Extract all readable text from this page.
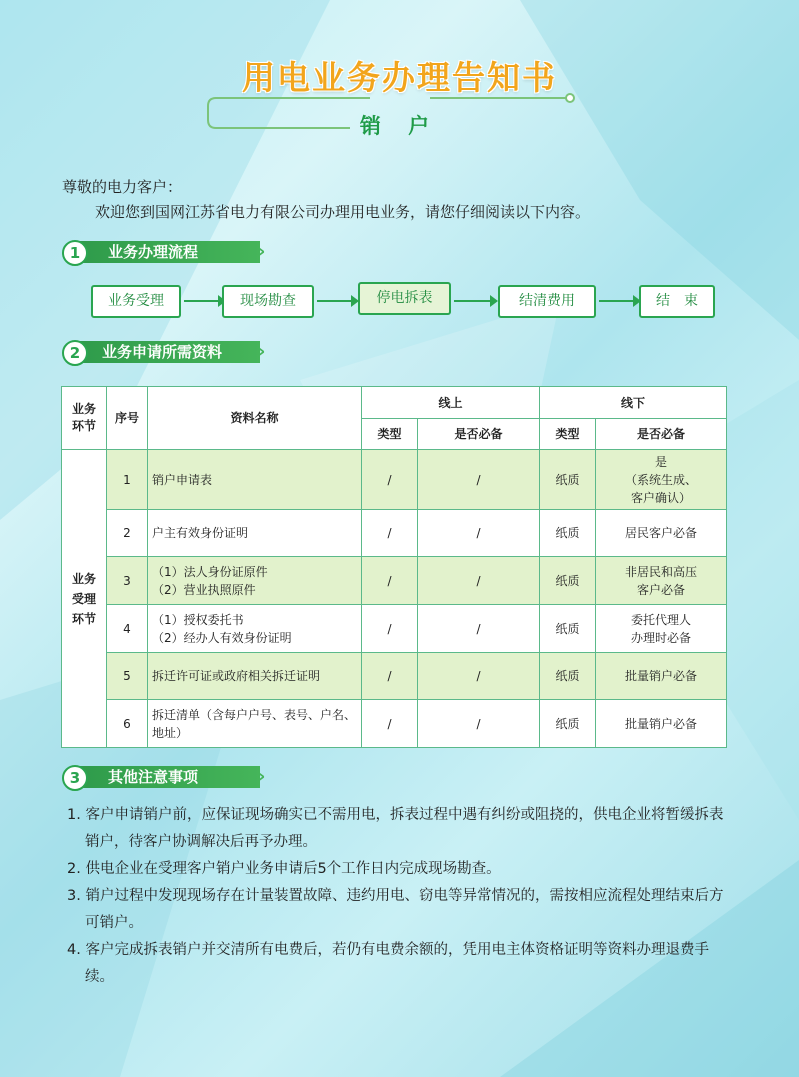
用电业务办理告知书
销 户
尊敬的电力客户：
欢迎您到国网江苏省电力有限公司办理用电业务，请您仔细阅读以下内容。
1	业务办理流程	›
业务受理	现场勘查	停电拆表	结清费用	结　束
2	业务申请所需资料	›
业务环节	序号	资料名称	线上		线下	
			类型	是否必备	类型	是否必备
业务受理环节	1	销户申请表	/	/	纸质	是
（系统生成、
客户确认）
	2	户主有效身份证明	/	/	纸质	居民客户必备
	3	（1）法人身份证原件
（2）营业执照原件	/	/	纸质	非居民和高压
客户必备
	4	（1）授权委托书
（2）经办人有效身份证明	/	/	纸质	委托代理人
办理时必备
	5	拆迁许可证或政府相关拆迁证明	/	/	纸质	批量销户必备
	6	拆迁清单（含每户户号、表号、户名、地址）	/	/	纸质	批量销户必备
3	其他注意事项	›
1. 客户申请销户前，应保证现场确实已不需用电，拆表过程中遇有纠纷或阻挠的，供电企业将暂缓拆表销户，待客户协调解决后再予办理。
2. 供电企业在受理客户销户业务申请后5个工作日内完成现场勘查。
3. 销户过程中发现现场存在计量装置故障、违约用电、窃电等异常情况的，需按相应流程处理结束后方可销户。
4. 客户完成拆表销户并交清所有电费后，若仍有电费余额的，凭用电主体资格证明等资料办理退费手续。
